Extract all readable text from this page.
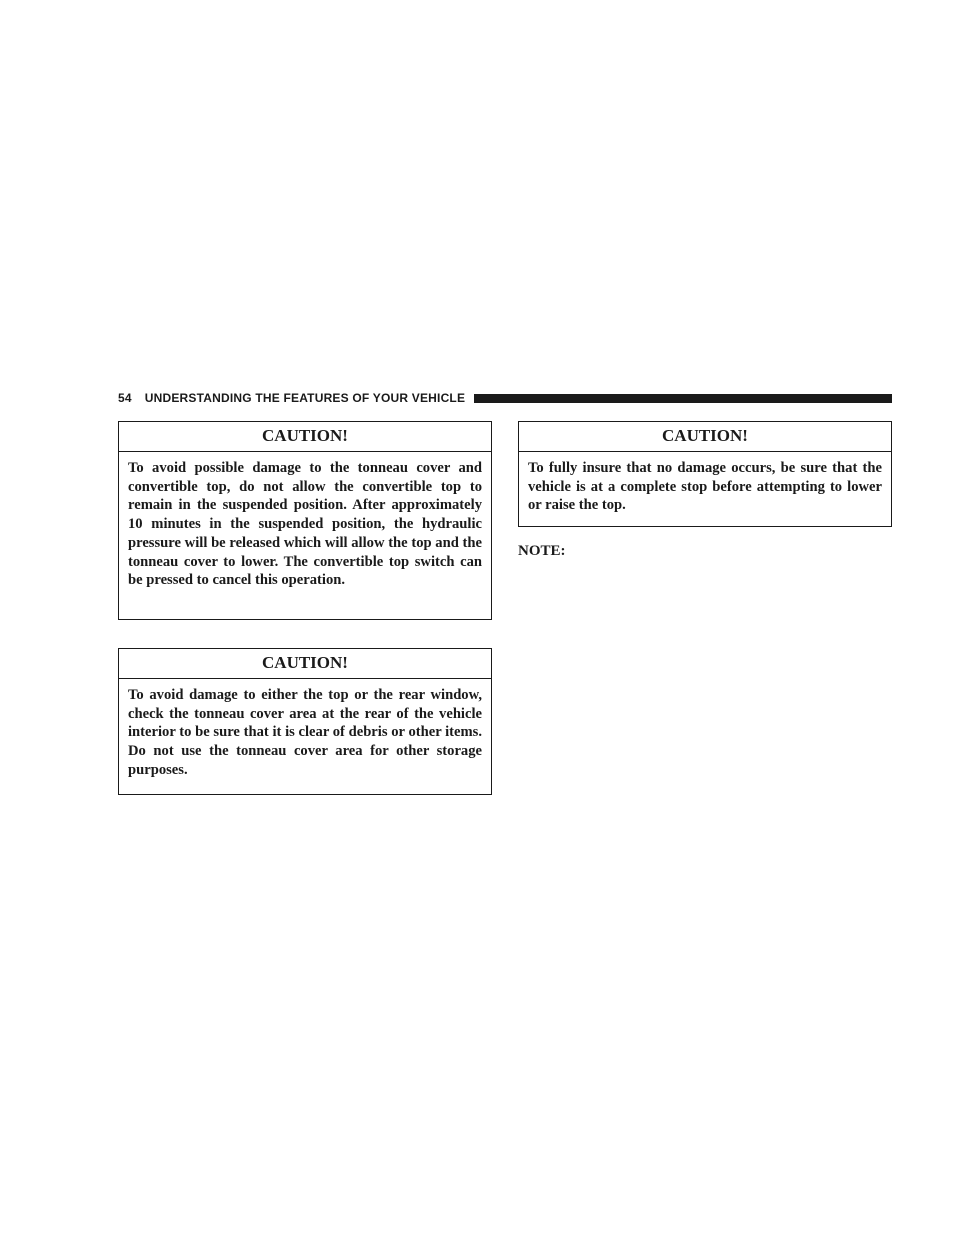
54 UNDERSTANDING THE FEATURES OF YOUR VEHICLE
CAUTION!
To avoid possible damage to the tonneau cover and convertible top, do not allow the convertible top to remain in the suspended position. After approximately 10 minutes in the suspended position, the hydraulic pressure will be released which will allow the top and the tonneau cover to lower. The convertible top switch can be pressed to cancel this operation.
CAUTION!
To avoid damage to either the top or the rear window, check the tonneau cover area at the rear of the vehicle interior to be sure that it is clear of debris or other items. Do not use the tonneau cover area for other storage purposes.
CAUTION!
To fully insure that no damage occurs, be sure that the vehicle is at a complete stop before attempting to lower or raise the top.
NOTE:
